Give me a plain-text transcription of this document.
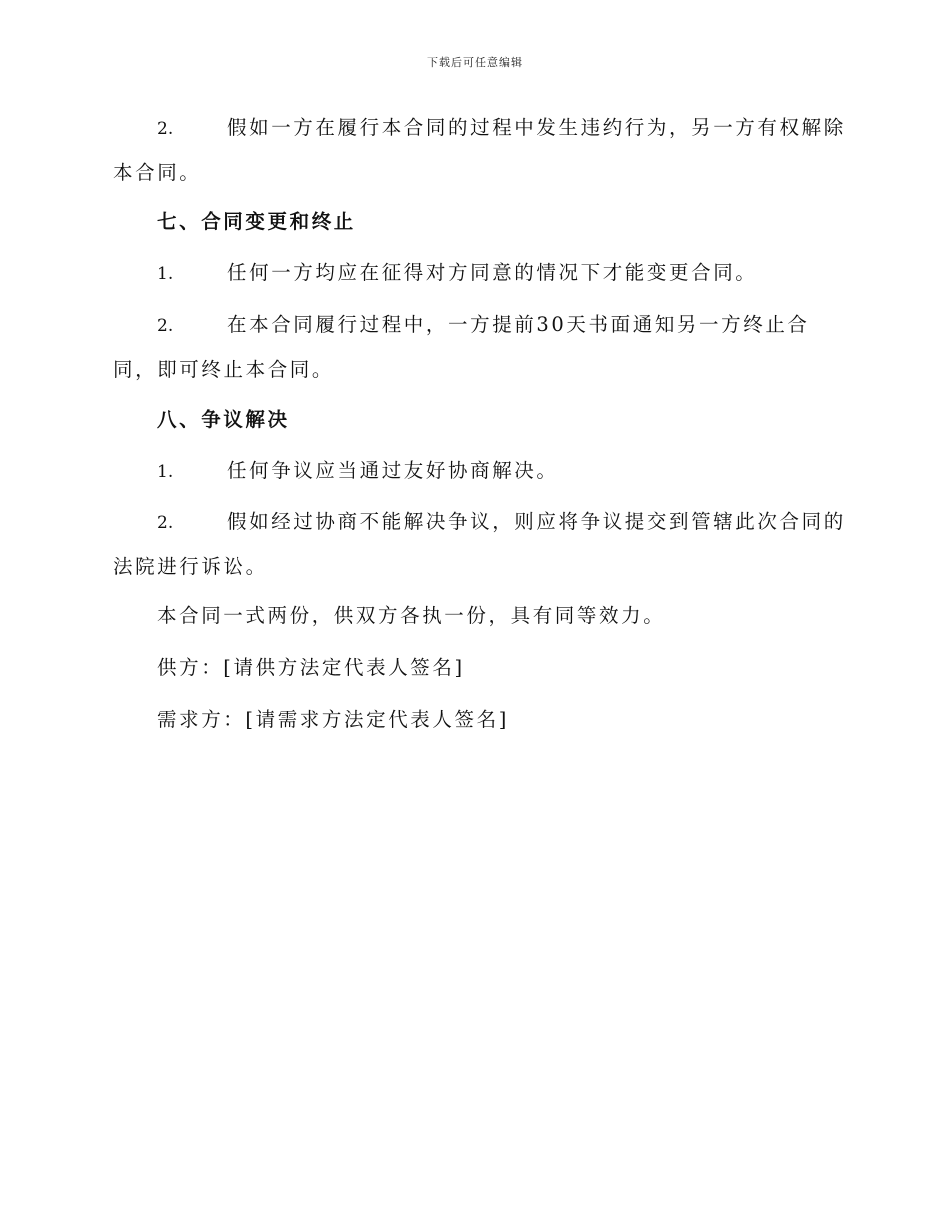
下载后可任意编辑
2.	假如一方在履行本合同的过程中发生违约行为，另一方有权解除
本合同。
七、合同变更和终止
1.	任何一方均应在征得对方同意的情况下才能变更合同。
2.	在本合同履行过程中，一方提前30天书面通知另一方终止合
同，即可终止本合同。
八、争议解决
1.	任何争议应当通过友好协商解决。
2.	假如经过协商不能解决争议，则应将争议提交到管辖此次合同的
法院进行诉讼。
本合同一式两份，供双方各执一份，具有同等效力。
供方：[请供方法定代表人签名]
需求方：[请需求方法定代表人签名]
